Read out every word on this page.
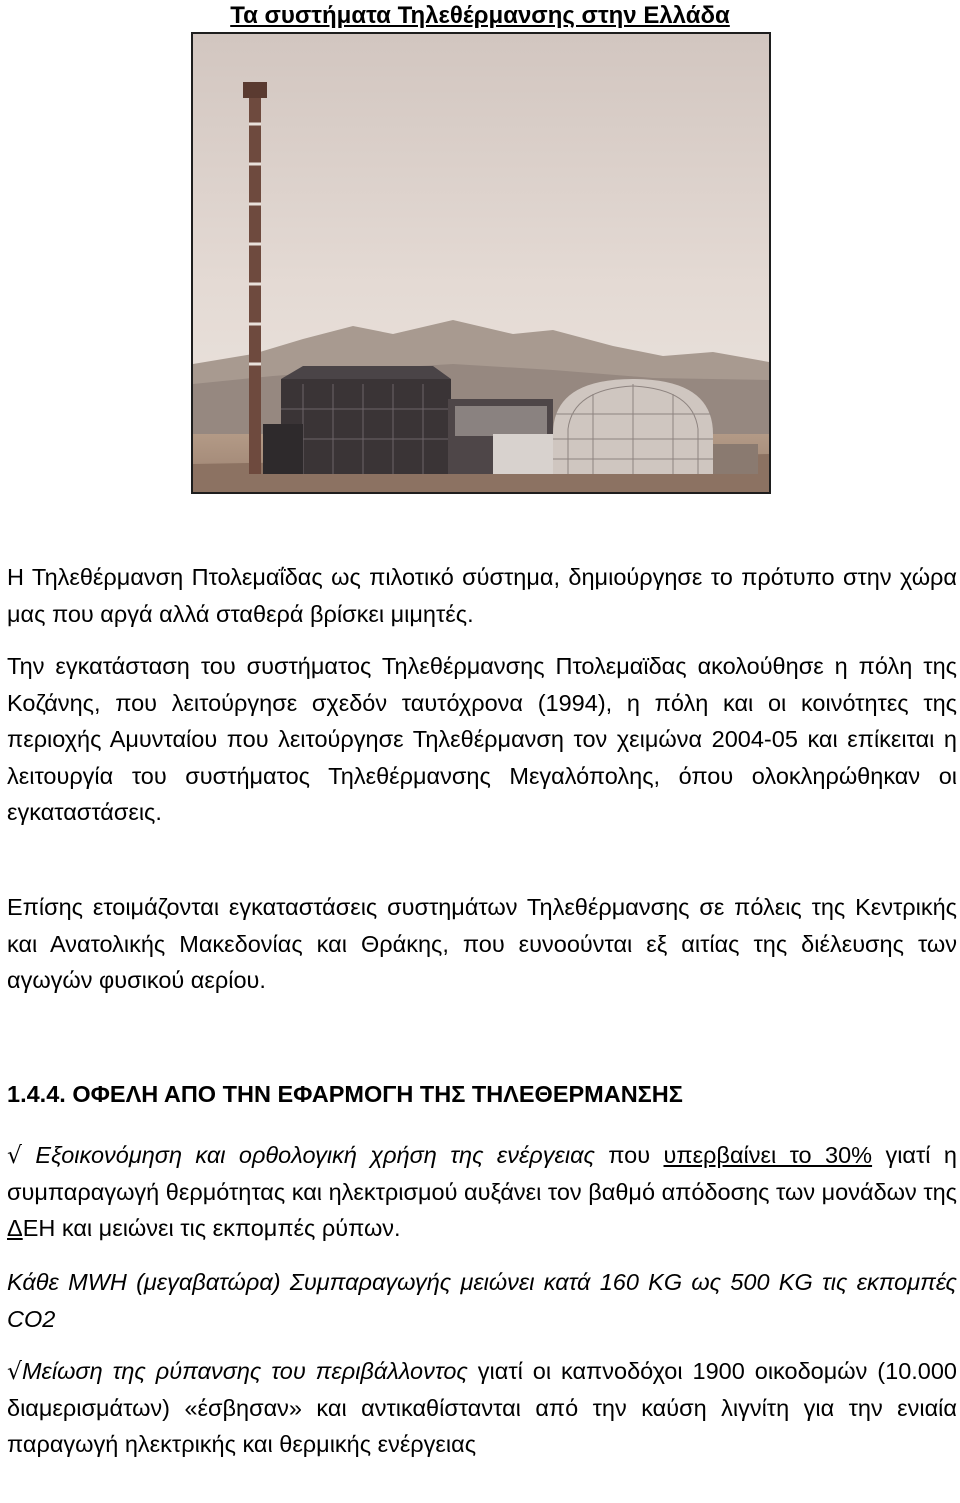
Τα συστήματα Τηλεθέρμανσης στην Ελλάδα

Η Τηλεθέρμανση Πτολεμαΐδας ως πιλοτικό σύστημα, δημιούργησε το πρότυπο στην χώρα μας που αργά αλλά σταθερά βρίσκει μιμητές.

Την εγκατάσταση του συστήματος Τηλεθέρμανσης Πτολεμαϊδας ακολούθησε η πόλη της Κοζάνης, που λειτούργησε σχεδόν ταυτόχρονα (1994), η πόλη και οι κοινότητες της περιοχής Αμυνταίου που λειτούργησε Τηλεθέρμανση τον χειμώνα 2004-05 και επίκειται η λειτουργία του συστήματος Τηλεθέρμανσης Μεγαλόπολης, όπου ολοκληρώθηκαν οι εγκαταστάσεις.

Επίσης ετοιμάζονται εγκαταστάσεις συστημάτων Τηλεθέρμανσης σε πόλεις της Κεντρικής και Ανατολικής Μακεδονίας και Θράκης, που ευνοούνται εξ αιτίας της διέλευσης των αγωγών φυσικού αερίου.

1.4.4. ΟΦΕΛΗ ΑΠΟ ΤΗΝ ΕΦΑΡΜΟΓΗ ΤΗΣ ΤΗΛΕΘΕΡΜΑΝΣΗΣ

√ Εξοικονόμηση και ορθολογική χρήση της ενέργειας που υπερβαίνει το 30% γιατί η συμπαραγωγή θερμότητας και ηλεκτρισμού αυξάνει τον βαθμό απόδοσης των μονάδων της ΔΕΗ και μειώνει τις εκπομπές ρύπων.

Κάθε MWH (μεγαβατώρα) Συμπαραγωγής μειώνει κατά 160 KG ως 500 KG τις εκπομπές CO2

√Μείωση της ρύπανσης του περιβάλλοντος γιατί οι καπνοδόχοι 1900 οικοδομών (10.000 διαμερισμάτων) «έσβησαν» και αντικαθίστανται από την καύση λιγνίτη για την ενιαία παραγωγή ηλεκτρικής και θερμικής ενέργειας
